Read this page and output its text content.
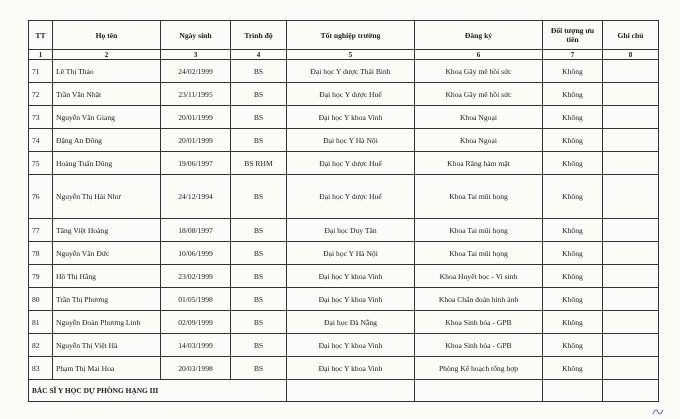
TT	Họ tên	Ngày sinh	Trình độ	Tốt nghiệp trường	Đăng ký	Đối tượng ưu tiên	Ghi chú
1	2	3	4	5	6	7	8
71	Lê Thị Thảo	24/02/1999	BS	Đại học Y dược Thái Bình	Khoa Gây mê hồi sức	Không	
72	Trần Văn Nhật	23/11/1995	BS	Đại học Y dược Huế	Khoa Gây mê hồi sức	Không	
73	Nguyễn Văn Giang	20/01/1999	BS	Đại học Y khoa Vinh	Khoa Ngoại	Không	
74	Đặng An Đông	20/01/1999	BS	Đại học Y Hà Nội	Khoa Ngoại	Không	
75	Hoàng Tuấn Dũng	19/06/1997	BS RHM	Đại học Y dược Huế	Khoa Răng hàm mặt	Không	
76	Nguyễn Thị Hải Như	24/12/1994	BS	Đại học Y dược Huế	Khoa Tai mũi họng	Không	
77	Tăng Việt Hoàng	18/08/1997	BS	Đại học Duy Tân	Khoa Tai mũi họng	Không	
78	Nguyễn Văn Đức	10/06/1999	BS	Đại học Y Hà Nội	Khoa Tai mũi họng	Không	
79	Hồ Thị Hằng	23/02/1999	BS	Đại học Y khoa Vinh	Khoa Huyết học - Vi sinh	Không	
80	Trần Thị Phương	01/05/1998	BS	Đại học Y khoa Vinh	Khoa Chẩn đoán hình ảnh	Không	
81	Nguyễn Đoàn Phương Linh	02/09/1999	BS	Đại học Đà Nẵng	Khoa Sinh hóa - GPB	Không	
82	Nguyễn Thị Việt Hà	14/03/1999	BS	Đại học Y khoa Vinh	Khoa Sinh hóa - GPB	Không	
83	Phạm Thị Mai Hoa	20/03/1998	BS	Đại học Y khoa Vinh	Phòng Kế hoạch tổng hợp	Không	
BÁC SĨ Y HỌC DỰ PHÒNG HẠNG III							
